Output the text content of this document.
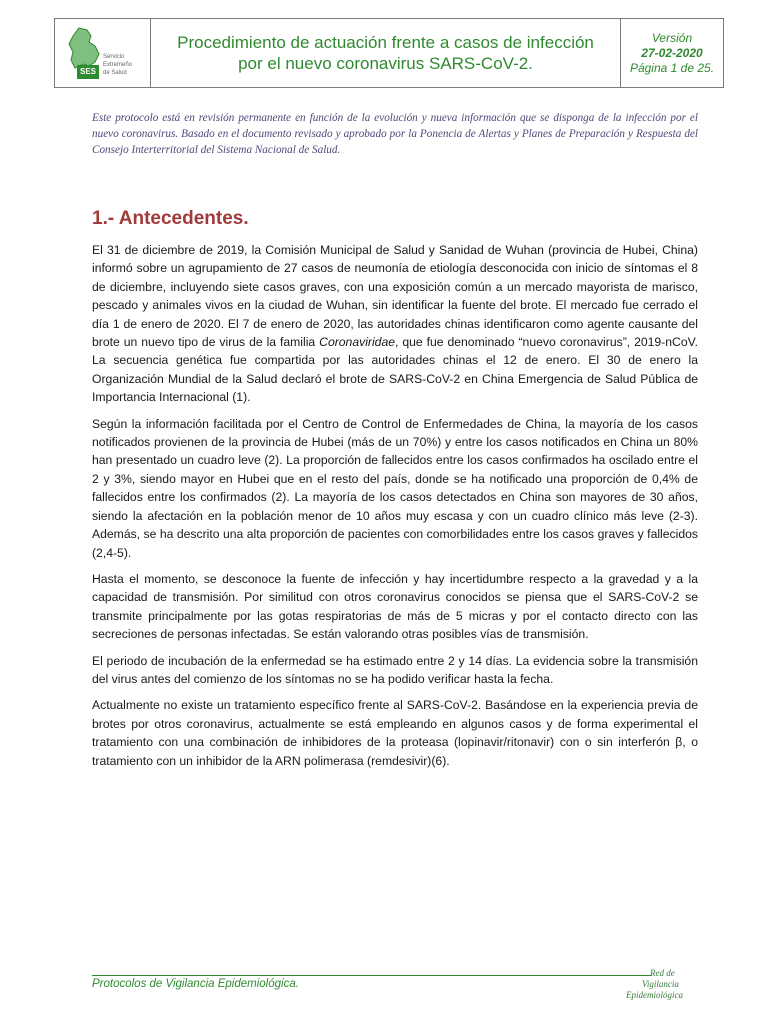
SES
Servicio
Extremeño
de Salud
Procedimiento de actuación frente a casos de infección
por el nuevo coronavirus SARS-CoV-2.
Versión
27-02-2020
Página 1 de 25.
Este protocolo está en revisión permanente en función de la evolución y nueva información que se disponga de la infección por el nuevo coronavirus. Basado en el documento revisado y aprobado por la Ponencia de Alertas y Planes de Preparación y Respuesta del Consejo Interterritorial del Sistema Nacional de Salud.
1.- Antecedentes.

El 31 de diciembre de 2019, la Comisión Municipal de Salud y Sanidad de Wuhan (provincia de Hubei, China) informó sobre un agrupamiento de 27 casos de neumonía de etiología desconocida con inicio de síntomas el 8 de diciembre, incluyendo siete casos graves, con una exposición común a un mercado mayorista de marisco, pescado y animales vivos en la ciudad de Wuhan, sin identificar la fuente del brote. El mercado fue cerrado el día 1 de enero de 2020. El 7 de enero de 2020, las autoridades chinas identificaron como agente causante del brote un nuevo tipo de virus de la familia Coronaviridae, que fue denominado “nuevo coronavirus”, 2019-nCoV. La secuencia genética fue compartida por las autoridades chinas el 12 de enero. El 30 de enero la Organización Mundial de la Salud declaró el brote de SARS-CoV-2 en China Emergencia de Salud Pública de Importancia Internacional (1).

Según la información facilitada por el Centro de Control de Enfermedades de China, la mayoría de los casos notificados provienen de la provincia de Hubei (más de un 70%) y entre los casos notificados en China un 80% han presentado un cuadro leve (2). La proporción de fallecidos entre los casos confirmados ha oscilado entre el 2 y 3%, siendo mayor en Hubei que en el resto del país, donde se ha notificado una proporción de 0,4% de fallecidos entre los confirmados (2). La mayoría de los casos detectados en China son mayores de 30 años, siendo la afectación en la población menor de 10 años muy escasa y con un cuadro clínico más leve (2-3). Además, se ha descrito una alta proporción de pacientes con comorbilidades entre los casos graves y fallecidos (2,4-5).

Hasta el momento, se desconoce la fuente de infección y hay incertidumbre respecto a la gravedad y a la capacidad de transmisión. Por similitud con otros coronavirus conocidos se piensa que el SARS-CoV-2 se transmite principalmente por las gotas respiratorias de más de 5 micras y por el contacto directo con las secreciones de personas infectadas. Se están valorando otras posibles vías de transmisión.

El periodo de incubación de la enfermedad se ha estimado entre 2 y 14 días. La evidencia sobre la transmisión del virus antes del comienzo de los síntomas no se ha podido verificar hasta la fecha.

Actualmente no existe un tratamiento específico frente al SARS-CoV-2. Basándose en la experiencia previa de brotes por otros coronavirus, actualmente se está empleando en algunos casos y de forma experimental el tratamiento con una combinación de inhibidores de la proteasa (lopinavir/ritonavir) con o sin interferón β, o tratamiento con un inhibidor de la ARN polimerasa (remdesivir)(6).

Protocolos de Vigilancia Epidemiológica.
Red de
Vigilancia
Epidemiológica
